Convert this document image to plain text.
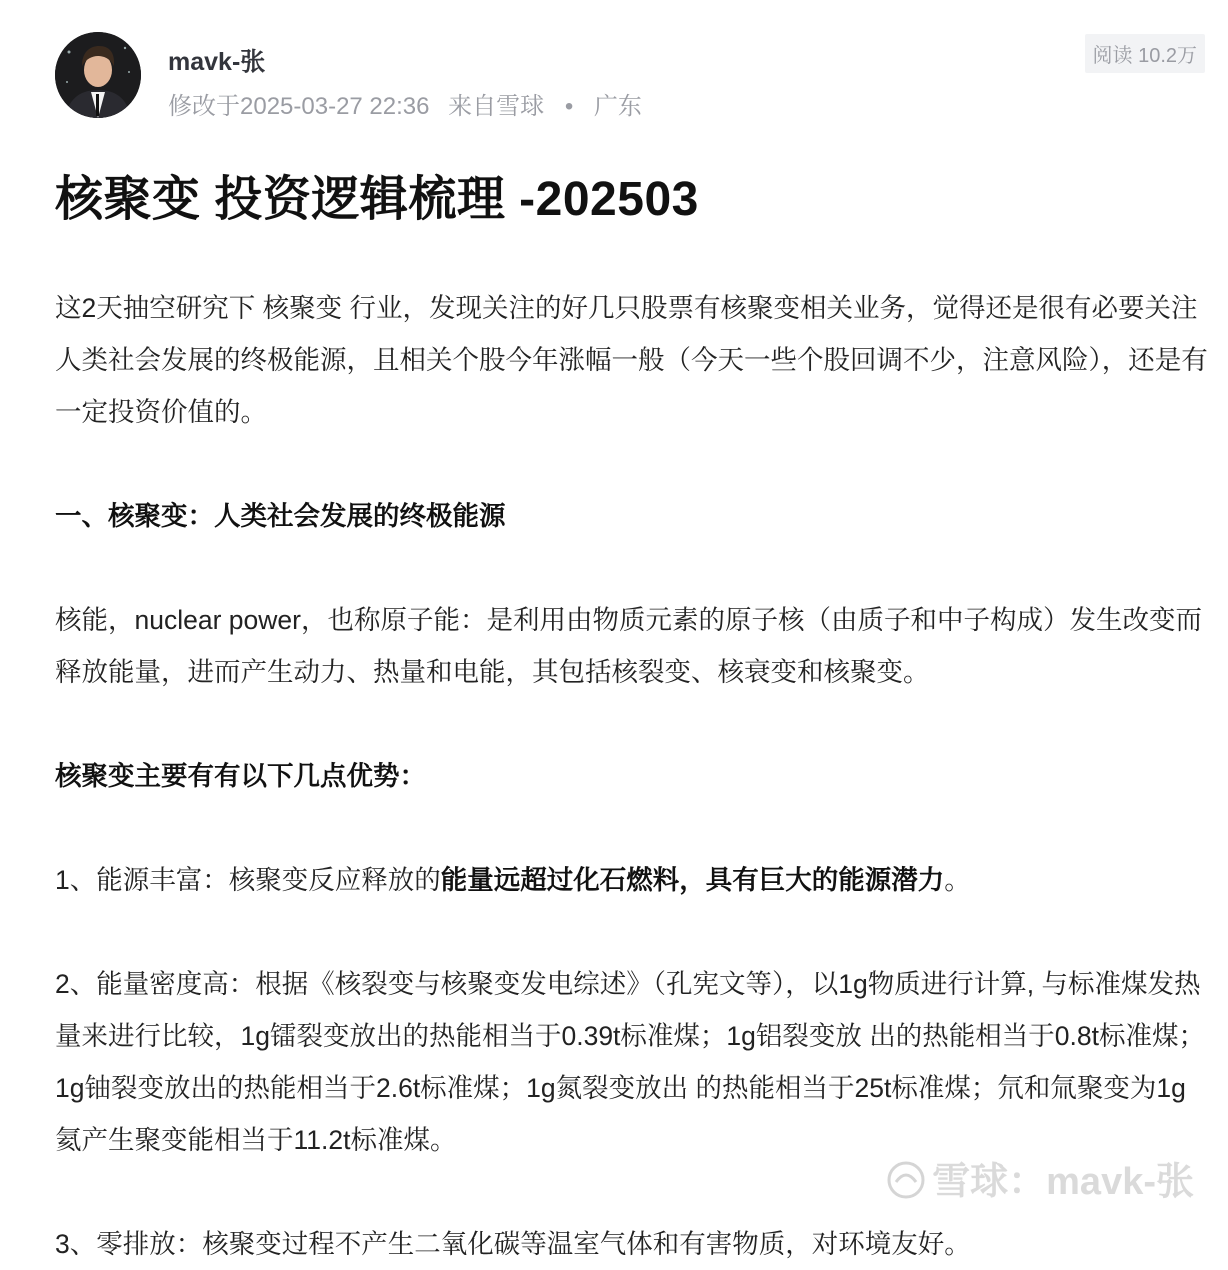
mavk-张
修改于2025-03-27 22:36 来自雪球 • 广东
阅读 10.2万
核聚变 投资逻辑梳理 -202503

这2天抽空研究下 核聚变 行业，发现关注的好几只股票有核聚变相关业务，觉得还是很有必要关注人类社会发展的终极能源，且相关个股今年涨幅一般（今天一些个股回调不少，注意风险），还是有一定投资价值的。

一、核聚变：人类社会发展的终极能源

核能，nuclear power，也称原子能：是利用由物质元素的原子核（由质子和中子构成）发生改变而释放能量，进而产生动力、热量和电能，其包括核裂变、核衰变和核聚变。

核聚变主要有有以下几点优势：

1、能源丰富：核聚变反应释放的能量远超过化石燃料，具有巨大的能源潜力。

2、能量密度高：根据《核裂变与核聚变发电综述》（孔宪文等），以1g物质进行计算, 与标准煤发热量来进行比较，1g镭裂变放出的热能相当于0.39t标准煤；1g铝裂变放 出的热能相当于0.8t标准煤；1g铀裂变放出的热能相当于2.6t标准煤；1g氮裂变放出 的热能相当于25t标准煤；氘和氚聚变为1g氦产生聚变能相当于11.2t标准煤。

3、零排放：核聚变过程不产生二氧化碳等温室气体和有害物质，对环境友好。

雪球：mavk-张
